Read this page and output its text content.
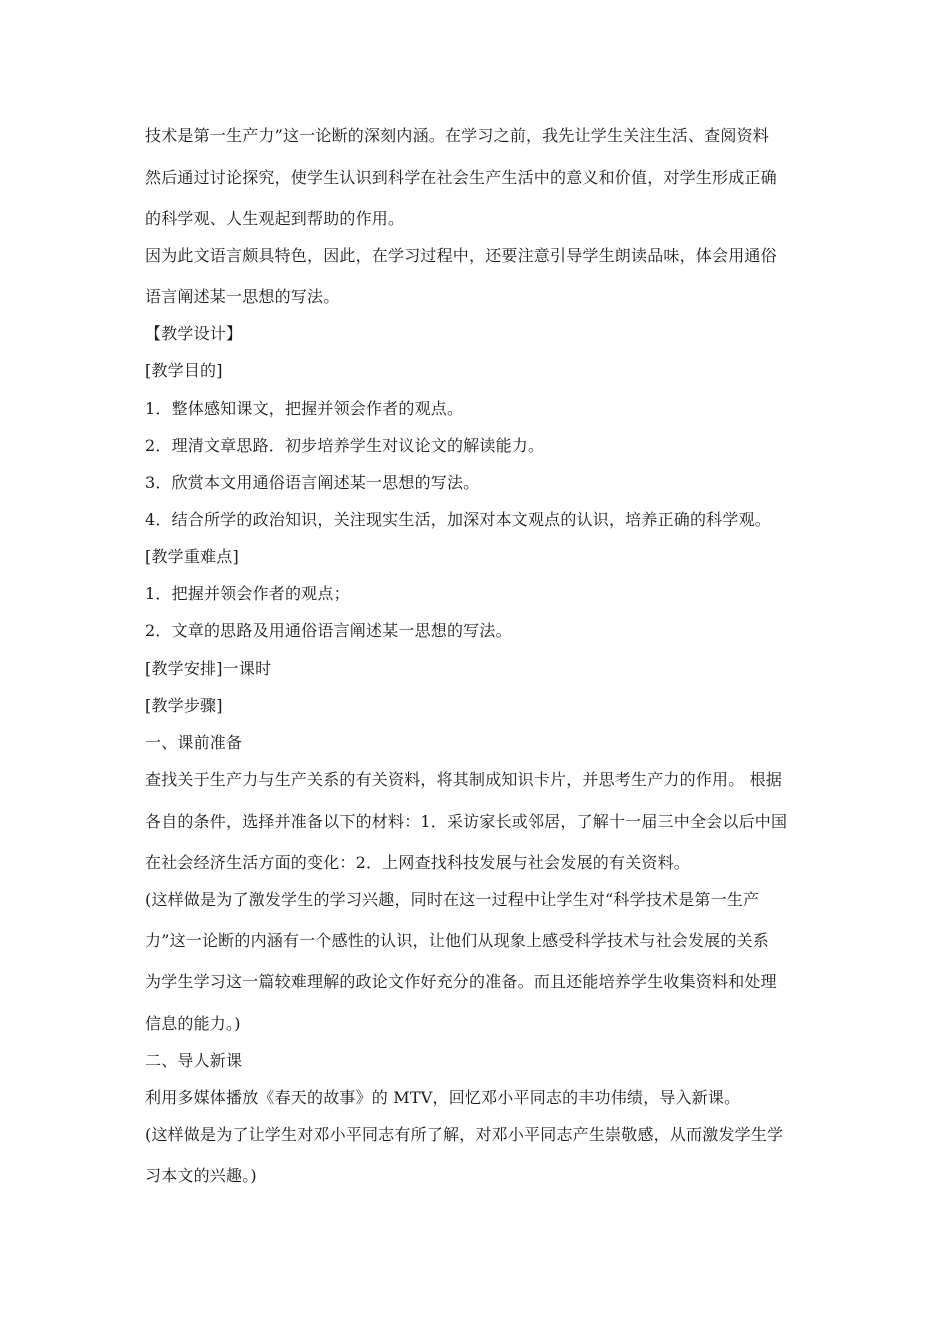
技术是第一生产力”这一论断的深刻内涵。在学习之前，我先让学生关注生活、查阅资料
然后通过讨论探究，使学生认识到科学在社会生产生活中的意义和价值，对学生形成正确
的科学观、人生观起到帮助的作用。
因为此文语言颇具特色，因此，在学习过程中，还要注意引导学生朗读品味，体会用通俗
语言阐述某一思想的写法。
【教学设计】
[教学目的]
1．整体感知课文，把握并领会作者的观点。
2．理清文章思路．初步培养学生对议论文的解读能力。
3．欣赏本文用通俗语言阐述某一思想的写法。
4．结合所学的政治知识，关注现实生活，加深对本文观点的认识，培养正确的科学观。
[教学重难点]
1．把握并领会作者的观点；
2．文章的思路及用通俗语言阐述某一思想的写法。
[教学安排]一课时
[教学步骤]
一、课前准备
查找关于生产力与生产关系的有关资料，将其制成知识卡片，并思考生产力的作用。 根据
各自的条件，选择并准备以下的材料：1．采访家长或邻居，了解十一届三中全会以后中国
在社会经济生活方面的变化：2．上网查找科技发展与社会发展的有关资料。
(这样做是为了激发学生的学习兴趣，同时在这一过程中让学生对“科学技术是第一生产
力”这一论断的内涵有一个感性的认识，让他们从现象上感受科学技术与社会发展的关系
为学生学习这一篇较难理解的政论文作好充分的准备。而且还能培养学生收集资料和处理
信息的能力。)
二、导人新课
利用多媒体播放《春天的故事》的 MTV，回忆邓小平同志的丰功伟绩，导入新课。
(这样做是为了让学生对邓小平同志有所了解，对邓小平同志产生崇敬感，从而激发学生学
习本文的兴趣。)
